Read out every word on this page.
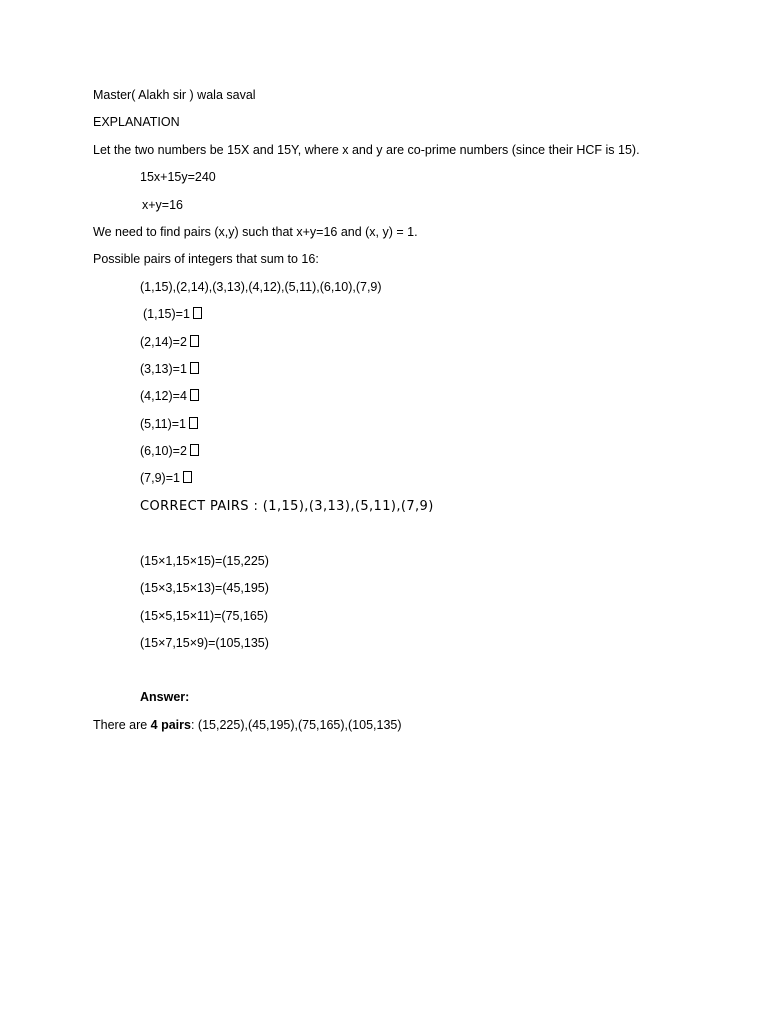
Master( Alakh sir ) wala saval
EXPLANATION
Let the two numbers be 15X and 15Y, where x and y are co-prime numbers (since their HCF is 15).
15x+15y=240
x+y=16
We need to find pairs (x,y) such that x+y=16 and (x, y) = 1.
Possible pairs of integers that sum to 16:
(1,15),(2,14),(3,13),(4,12),(5,11),(6,10),(7,9)
(1,15)=1
(2,14)=2
(3,13)=1
(4,12)=4
(5,11)=1
(6,10)=2
(7,9)=1
CORRECT PAIRS : (1,15),(3,13),(5,11),(7,9)
(15×1,15×15)=(15,225)
(15×3,15×13)=(45,195)
(15×5,15×11)=(75,165)
(15×7,15×9)=(105,135)
Answer:
There are 4 pairs: (15,225),(45,195),(75,165),(105,135)
